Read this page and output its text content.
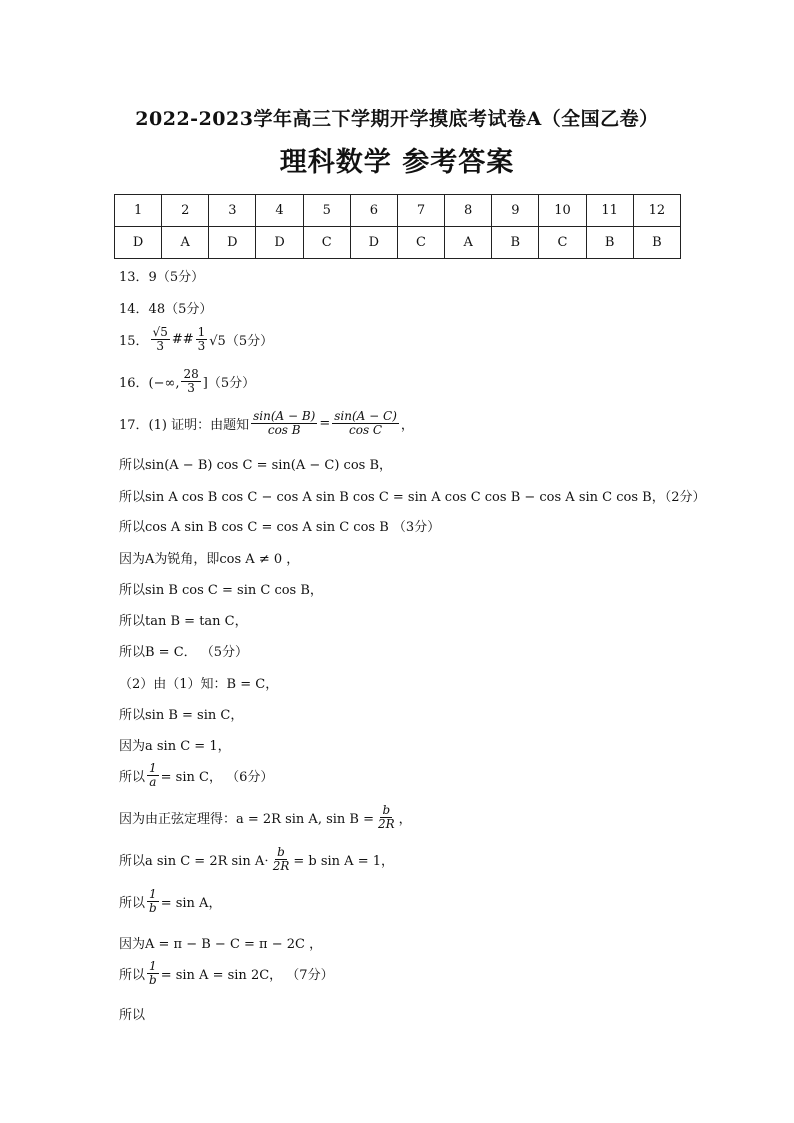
2022-2023学年高三下学期开学摸底考试卷A（全国乙卷）
理科数学 参考答案
1	2	3	4	5	6	7	8	9	10	11	12
D	A	D	D	C	D	C	A	B	C	B	B
13．9（5分）
14．48（5分）
15． $\frac{√5}{3}$ ## $\frac{1}{3} √5(5$分）
16．(−∞, $\frac{28}{3} ](5$分）
17．(1) 证明：由题知 $\frac{\sin(A - B)}{\text{cos B}} = \frac{\sin(A - C)}{\text{cos C}}$ ，
所以sin(A − B) cos C = sin(A − C) cos B，
所以sin A cos B cos C − cos A sin B cos C = sin A cos C cos B − cos A sin C cos B，（2分）
所以cos A sin B cos C = cos A sin C cos B （3分）
因为A为锐角，即cos A ≠ 0 ，
所以sin B cos C = sin C cos B，
所以tan B = tan C，
所以B = C． （5分）
（2）由（1）知：B = C，
所以sin B = sin C，
因为a sin C = 1，
所以 $\frac{1}{a} = \sin C$， （6分）
因为由正弦定理得：a = 2R sin A, $\sin B = \frac{b}{2R}$ ，
所以a sin C = 2R $\sin A\cdot \frac{b}{2R} = b$ sin A = 1，
所以 $\frac{1}{b} = \sin A$，
因为A = π − B − C = π − 2C ，
所以 $\frac{1}{b} = \sin A = \sin 2C$， （7分）
所以
